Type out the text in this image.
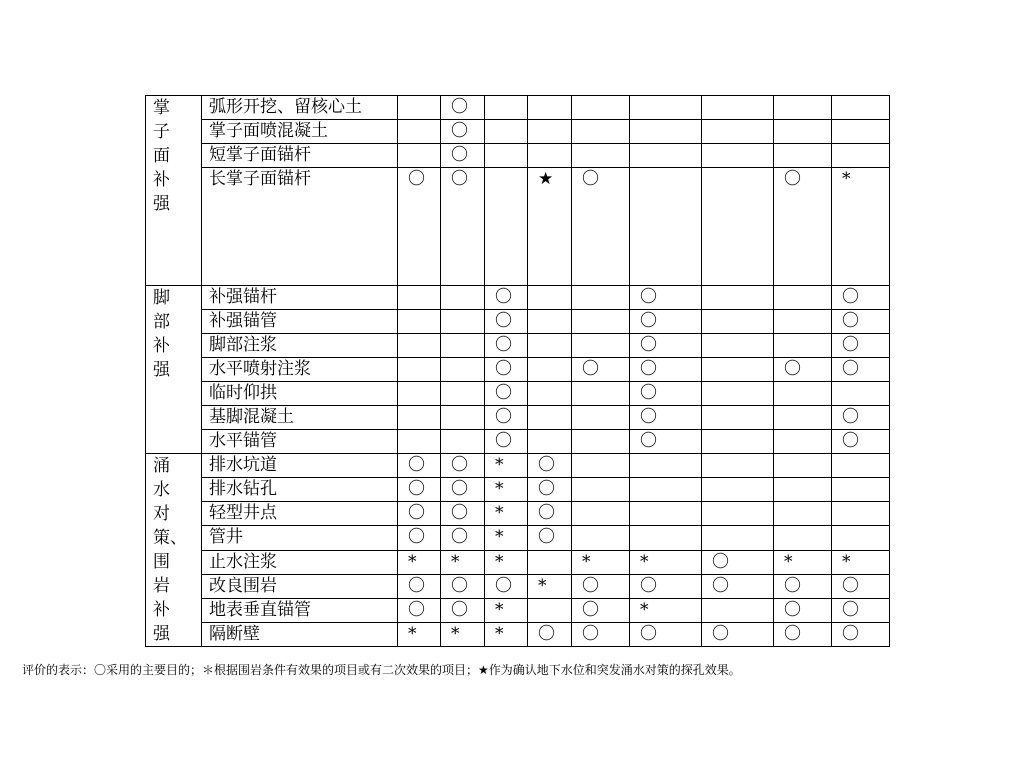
掌子面补强	弧形开挖、留核心土		〇							
	掌子面喷混凝土		〇							
	短掌子面锚杆		〇							
	长掌子面锚杆	〇	〇		★	〇			〇	*

脚部补强	补强锚杆			〇			〇			〇
	补强锚管			〇			〇			〇
	脚部注浆			〇			〇			〇
	水平喷射注浆			〇		〇	〇		〇	〇
	临时仰拱			〇			〇			
	基脚混凝土			〇			〇			〇
	水平锚管			〇			〇			〇

涌水对策、围岩补强	排水坑道	〇	〇	*	〇					
	排水钻孔	〇	〇	*	〇					
	轻型井点	〇	〇	*	〇					
	管井	〇	〇	*	〇					
	止水注浆	*	*	*		*	*	〇	*	*
	改良围岩	〇	〇	〇	*	〇	〇	〇	〇	〇
	地表垂直锚管	〇	〇	*		〇	*		〇	〇
	隔断壁	*	*	*	〇	〇	〇	〇	〇	〇
评价的表示：〇采用的主要目的；＊根据围岩条件有效果的项目或有二次效果的项目；★作为确认地下水位和突发涌水对策的探孔效果。
